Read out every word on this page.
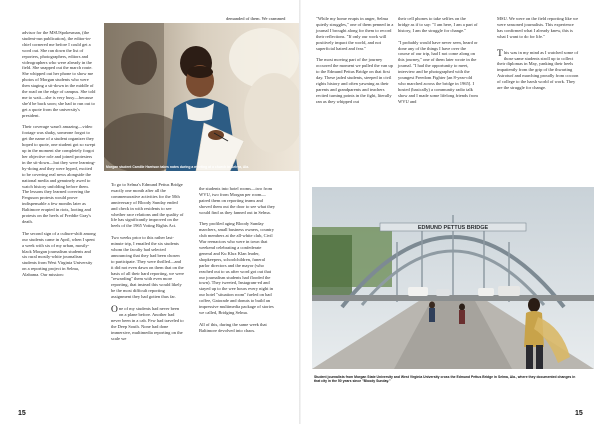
advisor for the MSUSpokesman, (the student-run publication), the editor-in-chief cornered me before I could get a word out. She ran down the list of reporters, photographers, editors and videographers who were already in the field. She snapped out the march route. She whipped out her phone to show me photos of Morgan students who were then staging a sit-down in the middle of the road on the edge of campus. She told me to wait—she is very busy—because she'd be back soon; she had to run out to get a quote from the university's president.

Their coverage wasn't amazing—video footage was shaky, someone forgot to get the name of a student organizer they hoped to quote, one student got so swept up in the moment she completely forgot her objective role and joined protesters in the sit-down—but they were learning-by-doing and they were hyped, excited to be covering real news alongside the national media and genuinely awed to watch history unfolding before them. The lessons they learned covering the Ferguson protests would prove indispensable a few months later as Baltimore erupted in riots, looting and protests on the heels of Freddie Gray's death.

The second sign of a culture-shift among our students came in April, when I spent a week with six of my urban, mostly-black Morgan journalism students and six rural mostly-white journalism students from West Virginia University on a reporting project in Selma, Alabama. Our mission:

demanded of them. We crammed
Morgan student Camille Harrison takes notes during a meeting at a church in Selma, Ala.

To go to Selma's Edmund Pettus Bridge exactly one month after all the commemorative activities for the 50th anniversary of Bloody Sunday ended and check in with residents to see whether race relations and the quality of life has significantly improved on the heels of the 1965 Voting Rights Act.

Two weeks prior to this rather last-minute trip, I emailed the six students whom the faculty had selected announcing that they had been chosen to participate. They were thrilled—and it did not even dawn on them that on the basis of all their hard reporting, we were "rewarding" them with even more reporting, that instead this would likely be the most difficult reporting assignment they had gotten thus far.

One of my students had never been on a plane before. Another had never been in a cab. Few had traveled to the Deep South. None had done immersive, multimedia reporting on the scale we

the students into hotel rooms—two from WVU, two from Morgan per room—paired them on reporting teams and shoved them out the door to see what they would find as they fanned out in Selma.

They profiled aging Bloody Sunday marchers, small business owners, country club members at the all-white club, Civil War reenactors who were in town that weekend celebrating a confederate general and Ku Klux Klan leader, shopkeepers, schoolchildren, funeral parlor directors and the mayor (who reached out to us after word got out that our journalism students had flooded the town). They tweeted, Instagram-ed and stayed up to the wee hours every night in our hotel "situation room" fueled on bad coffee, Gatorade and donuts to build an impressive multimedia package of stories we called, Bridging Selma.

All of this, during the same week that Baltimore devolved into chaos.

15

"While my home erupts in anger, Selma quietly struggles," one of them penned in a journal I brought along for them to record their reflections. "If only our work will positively impact the world, and not superficial hatred and fear."

The most moving part of the journey occurred the moment we pulled the van up to the Edmund Pettus Bridge on that first day. These jaded students, steeped in civil rights history and often yawning as their parents and grandparents and teachers recited turning points in the fight, literally ran as they whipped out

their cell phones to take selfies on the bridge as if to say: "I am here, I am a part of history, I am the struggle for change."

"I probably would have never seen, heard or done any of the things I have over the course of our trip, had I not come along on this journey," one of them later wrote in the journal. "I had the opportunity to meet, interview and be photographed with the youngest Freedom Fighter [an 8-year-old who marched across the bridge in 1965]. I hosted (basically) a community radio talk show and I made some lifelong friends from WVU and

MSU. We were on the field reporting like we were seasoned journalists. This experience has confirmed what I already knew, this is what I want to do for life."

This was in my mind as I watched some of those same students stroll up to collect their diplomas in May, yanking their heels impatiently from the grip of the thwarting Astroturf and marching proudly from cocoon of college to the harsh world of work. They are the struggle for change.

EDMUND PETTUS BRIDGE
Student journalists from Morgan State University and West Virginia University cross the Edmund Pettus Bridge in Selma, Ala., where they documented changes in that city in the 50 years since "Bloody Sunday."
15
